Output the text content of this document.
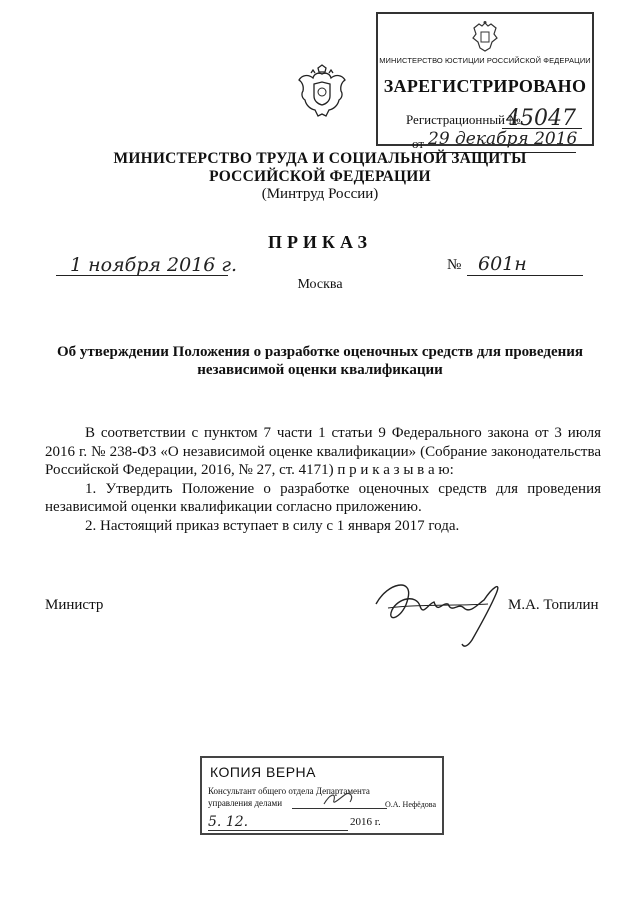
МИНИСТЕРСТВО ЮСТИЦИИ РОССИЙСКОЙ ФЕДЕРАЦИИ
ЗАРЕГИСТРИРОВАНО
Регистрационный №
45047
от 29 декабря 2016
МИНИСТЕРСТВО ТРУДА И СОЦИАЛЬНОЙ ЗАЩИТЫ
РОССИЙСКОЙ ФЕДЕРАЦИИ
(Минтруд России)
ПРИКАЗ
1 ноября 2016 г.	№ 601н
Москва
Об утверждении Положения о разработке оценочных средств для проведения
независимой оценки квалификации
В соответствии с пунктом 7 части 1 статьи 9 Федерального закона от 3 июля 2016 г. № 238-ФЗ «О независимой оценке квалификации» (Собрание законодательства Российской Федерации, 2016, № 27, ст. 4171) п р и к а з ы в а ю:
1. Утвердить Положение о разработке оценочных средств для проведения независимой оценки квалификации согласно приложению.
2. Настоящий приказ вступает в силу с 1 января 2017 года.
Министр	М.А. Топилин
КОПИЯ ВЕРНА
Консультант общего отдела Департамента
управления делами	О.А. Нефёдова
5. 12.	2016 г.
